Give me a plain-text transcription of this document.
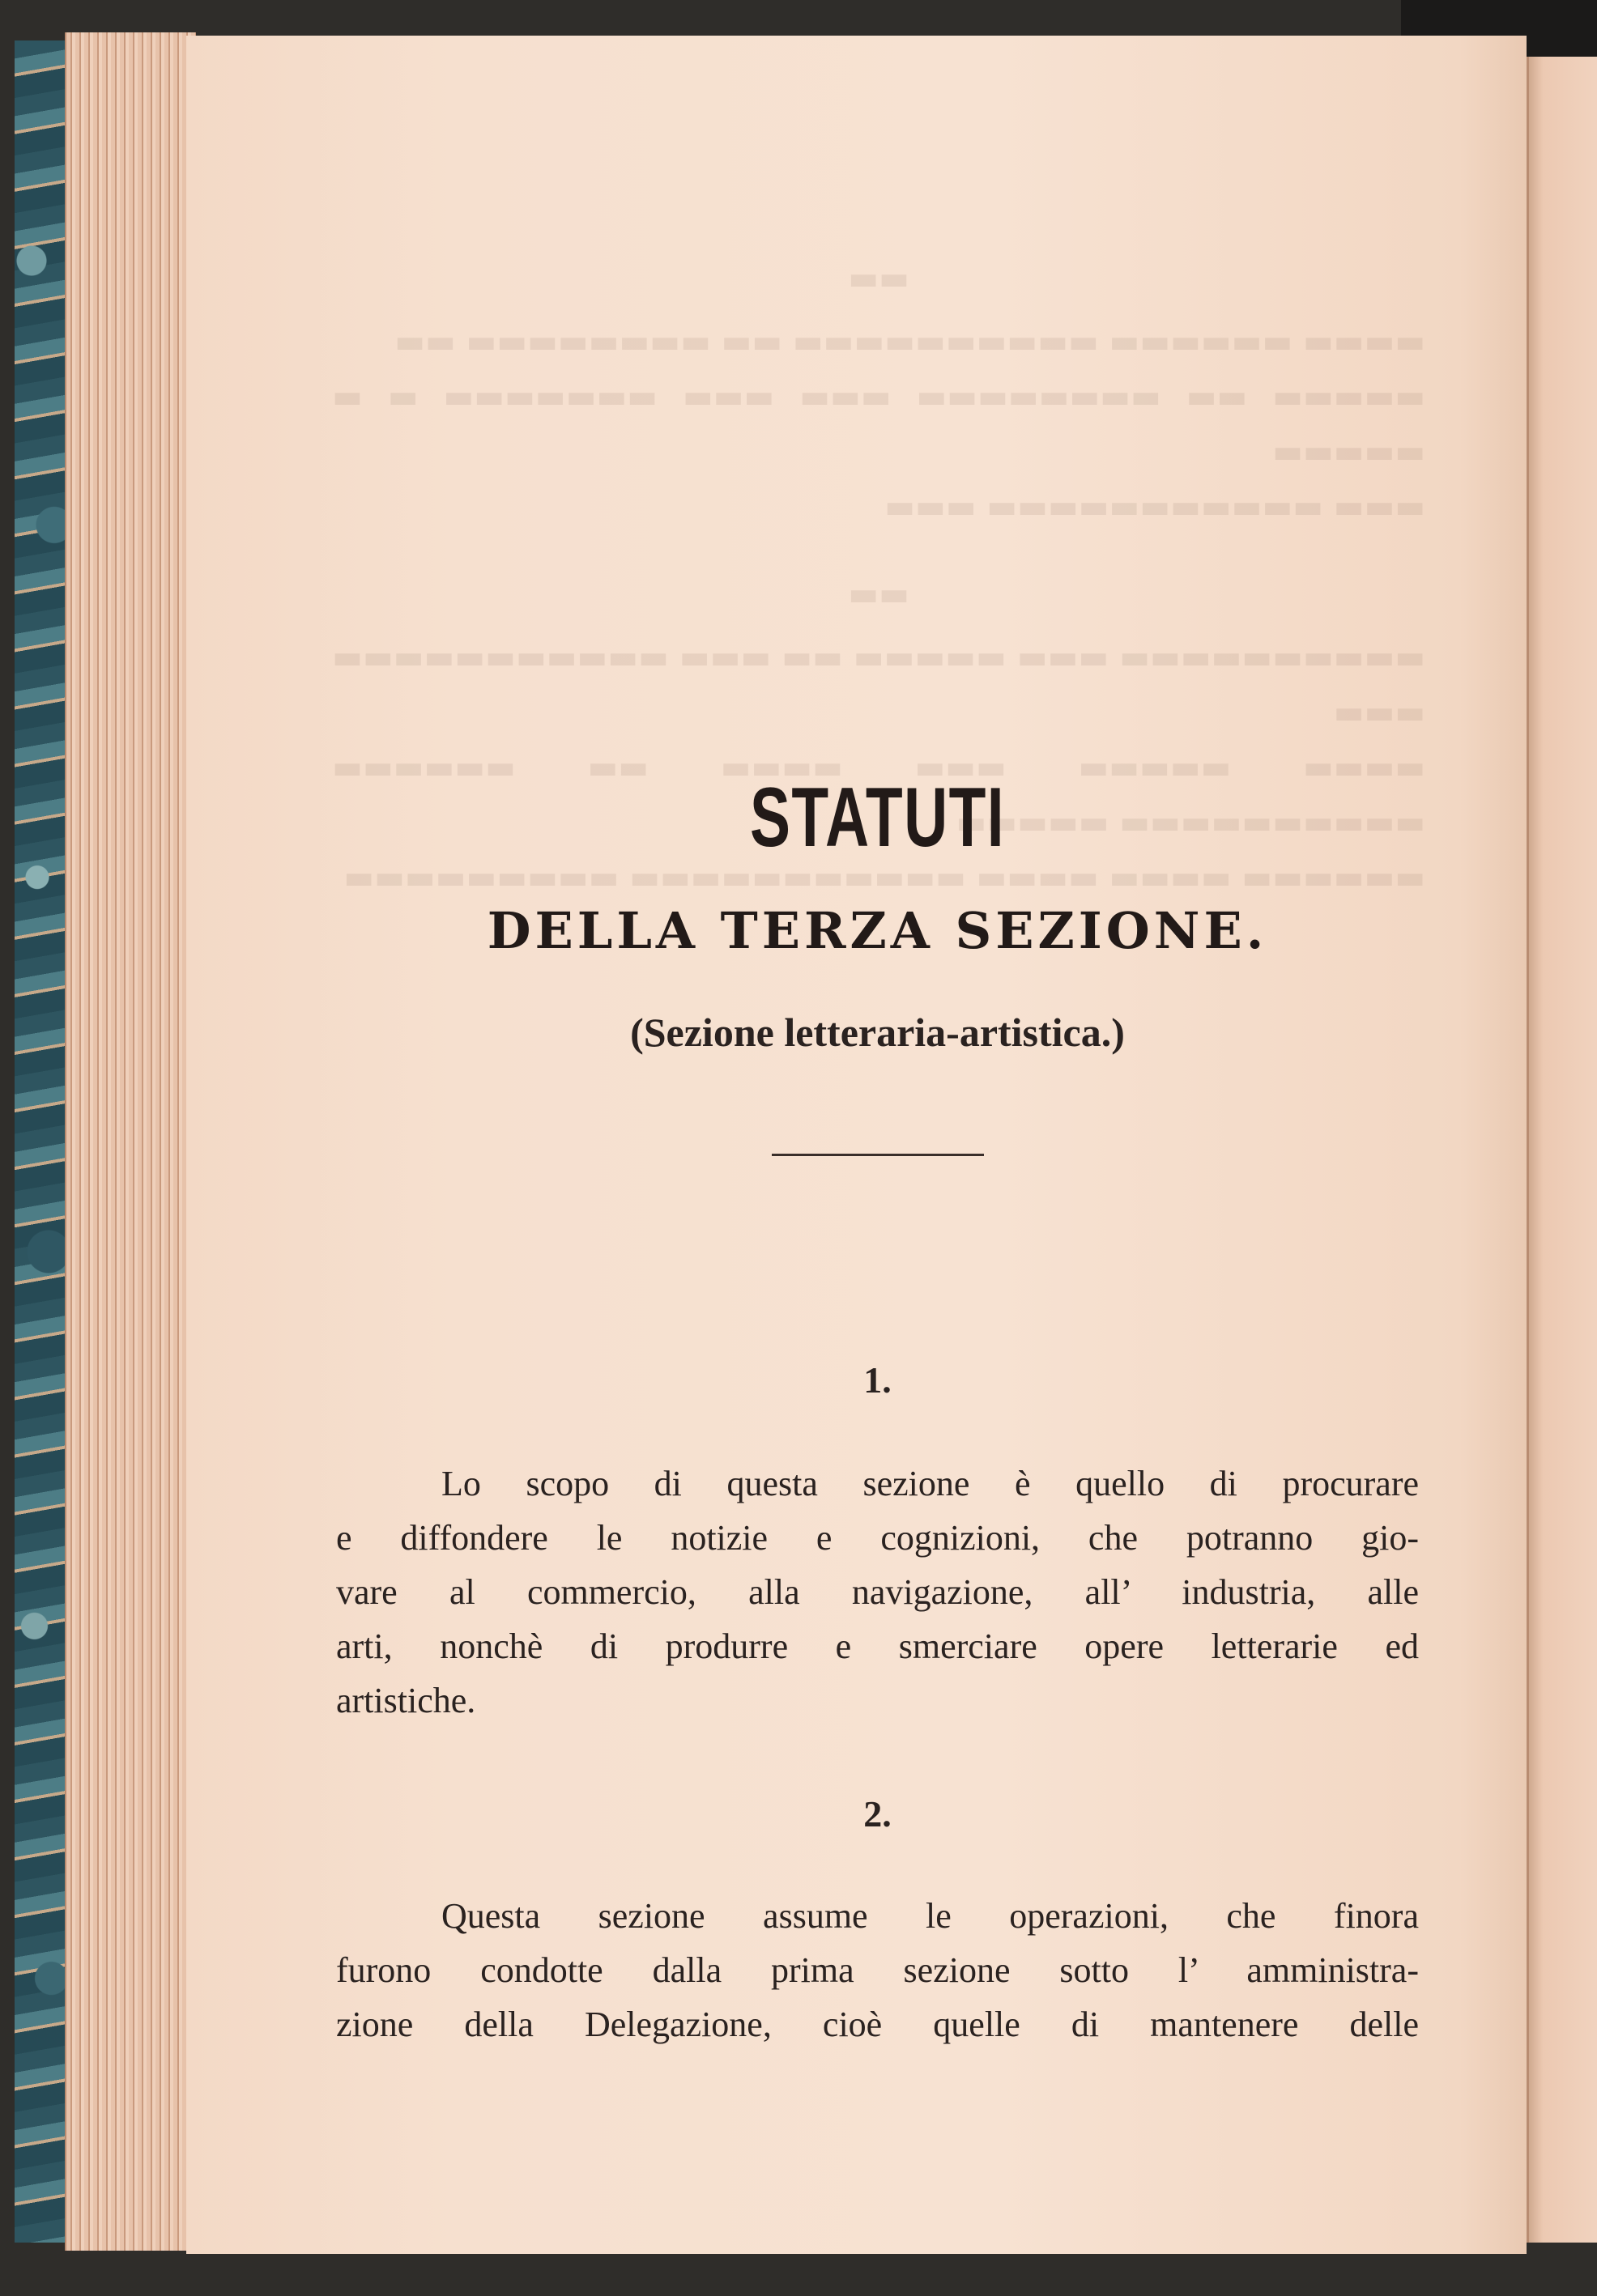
▬▬
▬▬▬▬ ▬▬▬▬▬▬ ▬▬▬▬▬▬▬▬▬▬ ▬▬ ▬▬▬▬▬▬▬▬ ▬▬
▬▬▬▬▬ ▬▬ ▬▬▬▬▬▬▬▬ ▬▬▬ ▬▬▬ ▬▬▬▬▬▬▬ ▬ ▬ ▬▬▬▬▬
▬▬▬ ▬▬▬▬▬▬▬▬▬▬▬ ▬▬▬
▬▬
▬▬▬▬▬▬▬▬▬▬ ▬▬▬ ▬▬▬▬▬ ▬▬ ▬▬▬ ▬▬▬▬▬▬▬▬▬▬▬ ▬▬▬
▬▬▬▬ ▬▬▬▬▬ ▬▬▬ ▬▬▬▬ ▬▬ ▬▬▬▬▬▬ ▬▬▬▬▬▬▬▬▬▬ ▬▬▬▬▬
▬▬▬▬▬▬ ▬▬▬▬ ▬▬▬▬ ▬▬▬▬▬▬▬▬▬▬▬ ▬▬▬▬▬▬▬▬▬
STATUTI
DELLA TERZA SEZIONE.

(Sezione letteraria-artistica.)

1.
Lo scopo di questa sezione è quello di procurare
e diffondere le notizie e cognizioni, che potranno gio-
vare al commercio, alla navigazione, all’ industria, alle
arti, nonchè di produrre e smerciare opere letterarie ed
artistiche.
2.
Questa sezione assume le operazioni, che finora
furono condotte dalla prima sezione sotto l’ amministra-
zione della Delegazione, cioè quelle di mantenere delle
